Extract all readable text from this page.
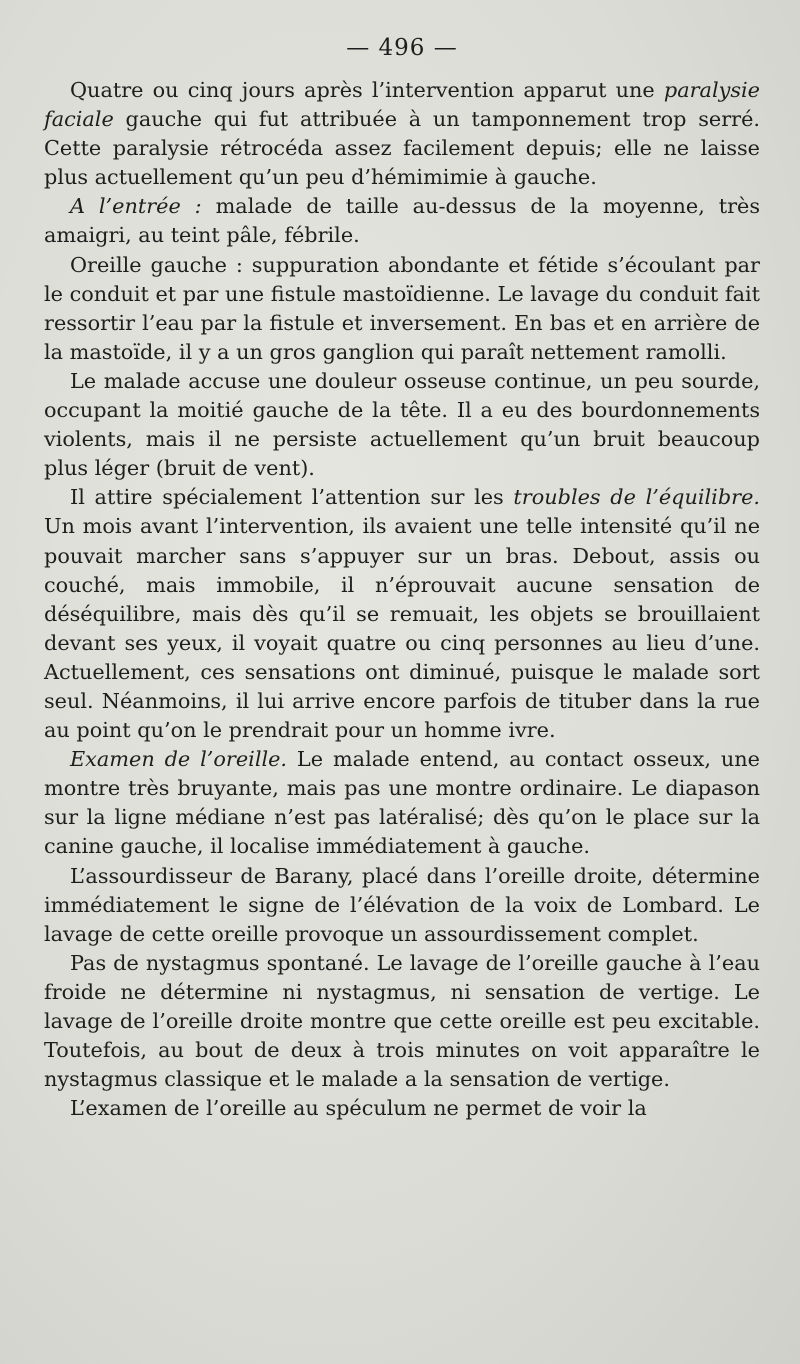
— 496 —

Quatre ou cinq jours après l’intervention apparut une paralysie faciale gauche qui fut attribuée à un tamponnement trop serré. Cette paralysie rétrocéda assez facilement depuis; elle ne laisse plus actuellement qu’un peu d’hémimimie à gauche.

A l’entrée : malade de taille au-dessus de la moyenne, très amaigri, au teint pâle, fébrile.

Oreille gauche : suppuration abondante et fétide s’écoulant par le conduit et par une fistule mastoïdienne. Le lavage du conduit fait ressortir l’eau par la fistule et inversement. En bas et en arrière de la mastoïde, il y a un gros ganglion qui paraît nettement ramolli.

Le malade accuse une douleur osseuse continue, un peu sourde, occupant la moitié gauche de la tête. Il a eu des bourdonnements violents, mais il ne persiste actuellement qu’un bruit beaucoup plus léger (bruit de vent).

Il attire spécialement l’attention sur les troubles de l’équilibre. Un mois avant l’intervention, ils avaient une telle intensité qu’il ne pouvait marcher sans s’appuyer sur un bras. Debout, assis ou couché, mais immobile, il n’éprouvait aucune sensation de déséquilibre, mais dès qu’il se remuait, les objets se brouillaient devant ses yeux, il voyait quatre ou cinq personnes au lieu d’une. Actuellement, ces sensations ont diminué, puisque le malade sort seul. Néanmoins, il lui arrive encore parfois de tituber dans la rue au point qu’on le prendrait pour un homme ivre.

Examen de l’oreille. Le malade entend, au contact osseux, une montre très bruyante, mais pas une montre ordinaire. Le diapason sur la ligne médiane n’est pas latéralisé; dès qu’on le place sur la canine gauche, il localise immédiatement à gauche.

L’assourdisseur de Barany, placé dans l’oreille droite, détermine immédiatement le signe de l’élévation de la voix de Lombard. Le lavage de cette oreille provoque un assourdissement complet.

Pas de nystagmus spontané. Le lavage de l’oreille gauche à l’eau froide ne détermine ni nystagmus, ni sensation de vertige. Le lavage de l’oreille droite montre que cette oreille est peu excitable. Toutefois, au bout de deux à trois minutes on voit apparaître le nystagmus classique et le malade a la sensation de vertige.

L’examen de l’oreille au spéculum ne permet de voir la
